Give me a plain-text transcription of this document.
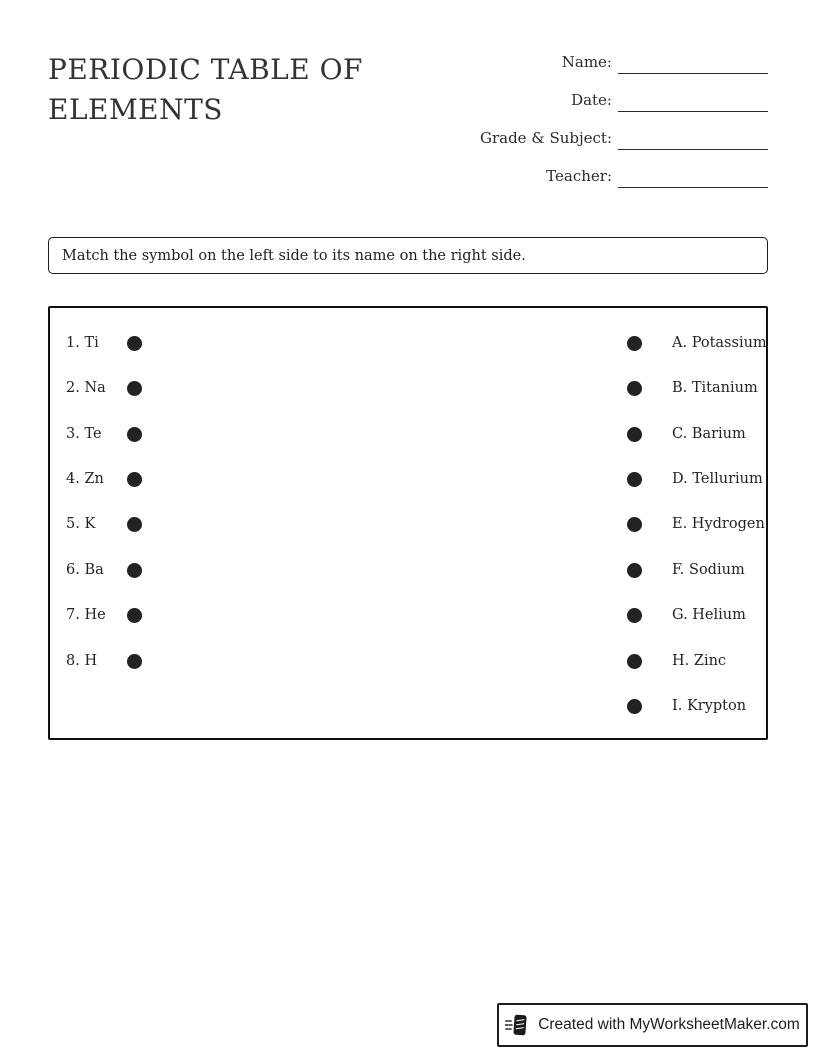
PERIODIC TABLE OF ELEMENTS
Name:
Date:
Grade & Subject:
Teacher:
Match the symbol on the left side to its name on the right side.
1. Ti
2. Na
3. Te
4. Zn
5. K
6. Ba
7. He
8. H
A. Potassium
B. Titanium
C. Barium
D. Tellurium
E. Hydrogen
F. Sodium
G. Helium
H. Zinc
I. Krypton
Created with MyWorksheetMaker.com
